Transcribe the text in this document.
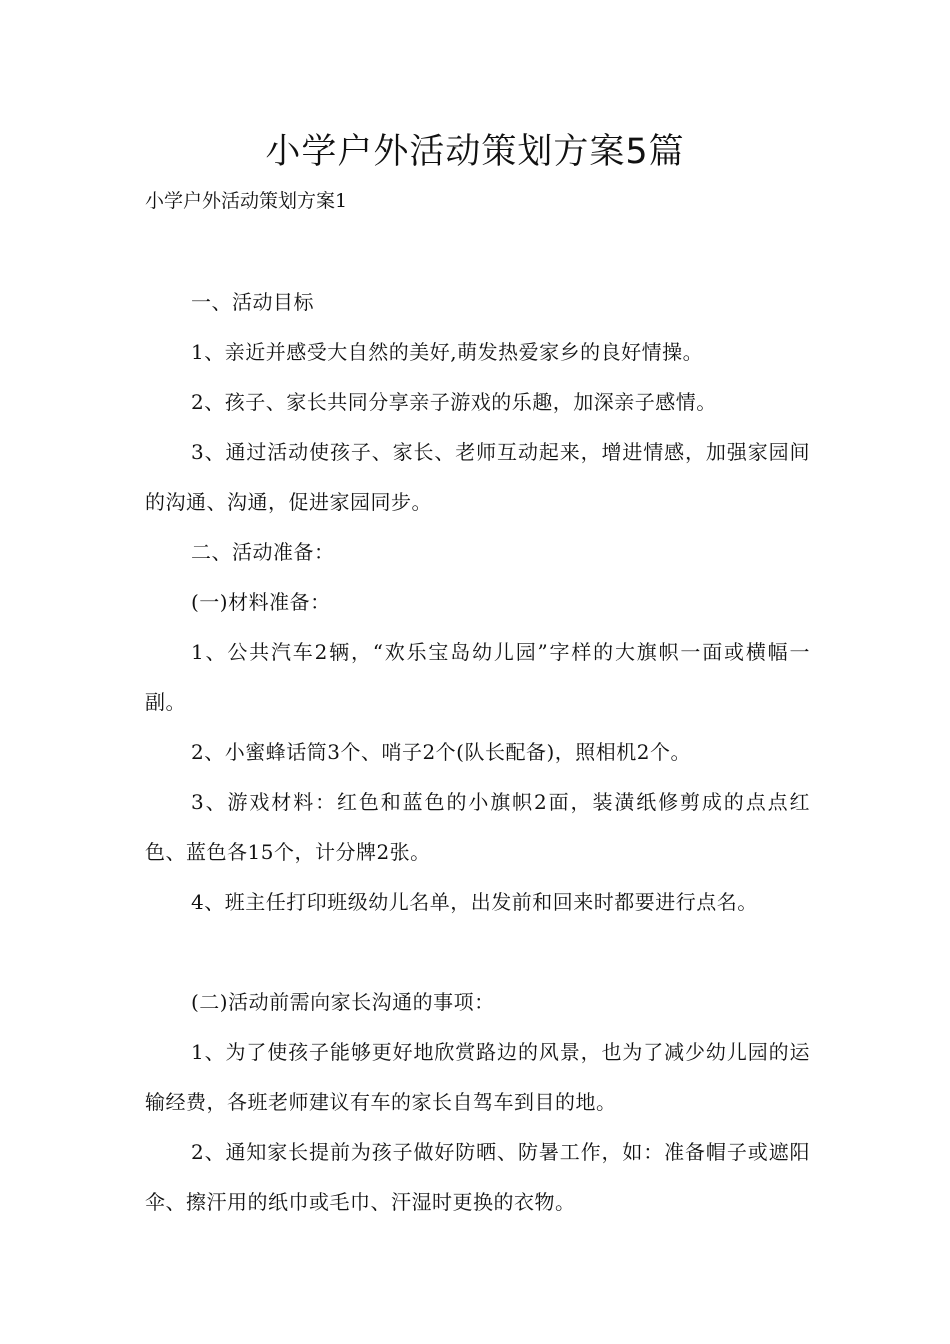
小学户外活动策划方案5篇
小学户外活动策划方案1

一、活动目标

1、亲近并感受大自然的美好,萌发热爱家乡的良好情操。

2、孩子、家长共同分享亲子游戏的乐趣，加深亲子感情。

3、通过活动使孩子、家长、老师互动起来，增进情感，加强家园间的沟通、沟通，促进家园同步。

二、活动准备：

(一)材料准备：

1、公共汽车2辆，“欢乐宝岛幼儿园”字样的大旗帜一面或横幅一副。

2、小蜜蜂话筒3个、哨子2个(队长配备)，照相机2个。

3、游戏材料：红色和蓝色的小旗帜2面，装潢纸修剪成的点点红色、蓝色各15个，计分牌2张。

4、班主任打印班级幼儿名单，出发前和回来时都要进行点名。

(二)活动前需向家长沟通的事项：

1、为了使孩子能够更好地欣赏路边的风景，也为了减少幼儿园的运输经费，各班老师建议有车的家长自驾车到目的地。

2、通知家长提前为孩子做好防晒、防暑工作，如：准备帽子或遮阳伞、擦汗用的纸巾或毛巾、汗湿时更换的衣物。
